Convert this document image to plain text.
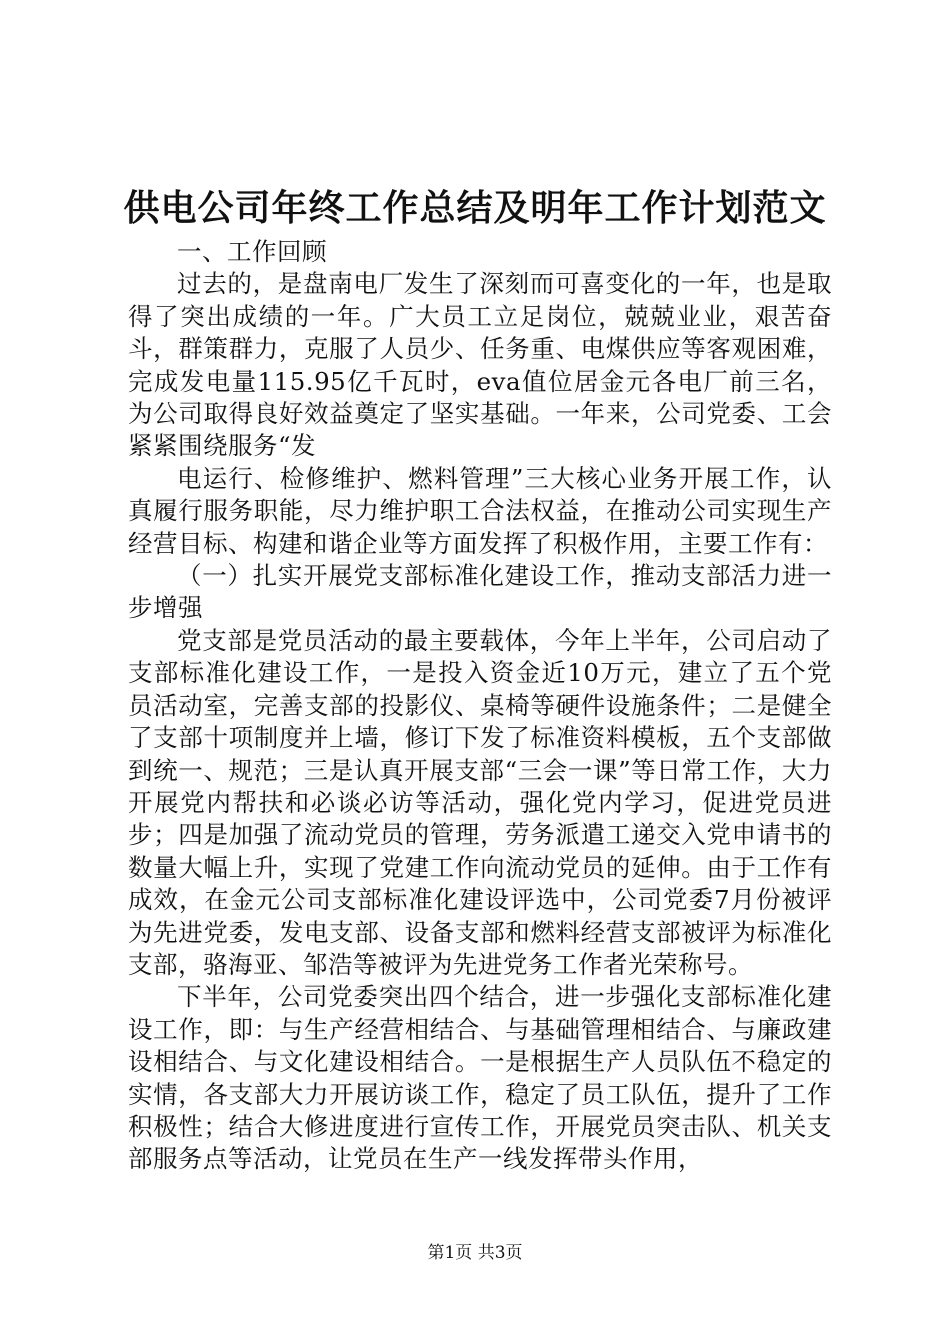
供电公司年终工作总结及明年工作计划范文

一、工作回顾

过去的，是盘南电厂发生了深刻而可喜变化的一年，也是取得了突出成绩的一年。广大员工立足岗位，兢兢业业，艰苦奋斗，群策群力，克服了人员少、任务重、电煤供应等客观困难，完成发电量115.95亿千瓦时，eva值位居金元各电厂前三名，为公司取得良好效益奠定了坚实基础。一年来，公司党委、工会紧紧围绕服务“发

电运行、检修维护、燃料管理”三大核心业务开展工作，认真履行服务职能，尽力维护职工合法权益，在推动公司实现生产经营目标、构建和谐企业等方面发挥了积极作用，主要工作有：

（一）扎实开展党支部标准化建设工作，推动支部活力进一步增强

党支部是党员活动的最主要载体，今年上半年，公司启动了支部标准化建设工作，一是投入资金近10万元，建立了五个党员活动室，完善支部的投影仪、桌椅等硬件设施条件；二是健全了支部十项制度并上墙，修订下发了标准资料模板，五个支部做到统一、规范；三是认真开展支部“三会一课”等日常工作，大力开展党内帮扶和必谈必访等活动，强化党内学习，促进党员进步；四是加强了流动党员的管理，劳务派遣工递交入党申请书的数量大幅上升，实现了党建工作向流动党员的延伸。由于工作有成效，在金元公司支部标准化建设评选中，公司党委7月份被评为先进党委，发电支部、设备支部和燃料经营支部被评为标准化支部，骆海亚、邹浩等被评为先进党务工作者光荣称号。

下半年，公司党委突出四个结合，进一步强化支部标准化建设工作，即：与生产经营相结合、与基础管理相结合、与廉政建设相结合、与文化建设相结合。一是根据生产人员队伍不稳定的实情，各支部大力开展访谈工作，稳定了员工队伍，提升了工作积极性；结合大修进度进行宣传工作，开展党员突击队、机关支部服务点等活动，让党员在生产一线发挥带头作用，

第1页 共3页
